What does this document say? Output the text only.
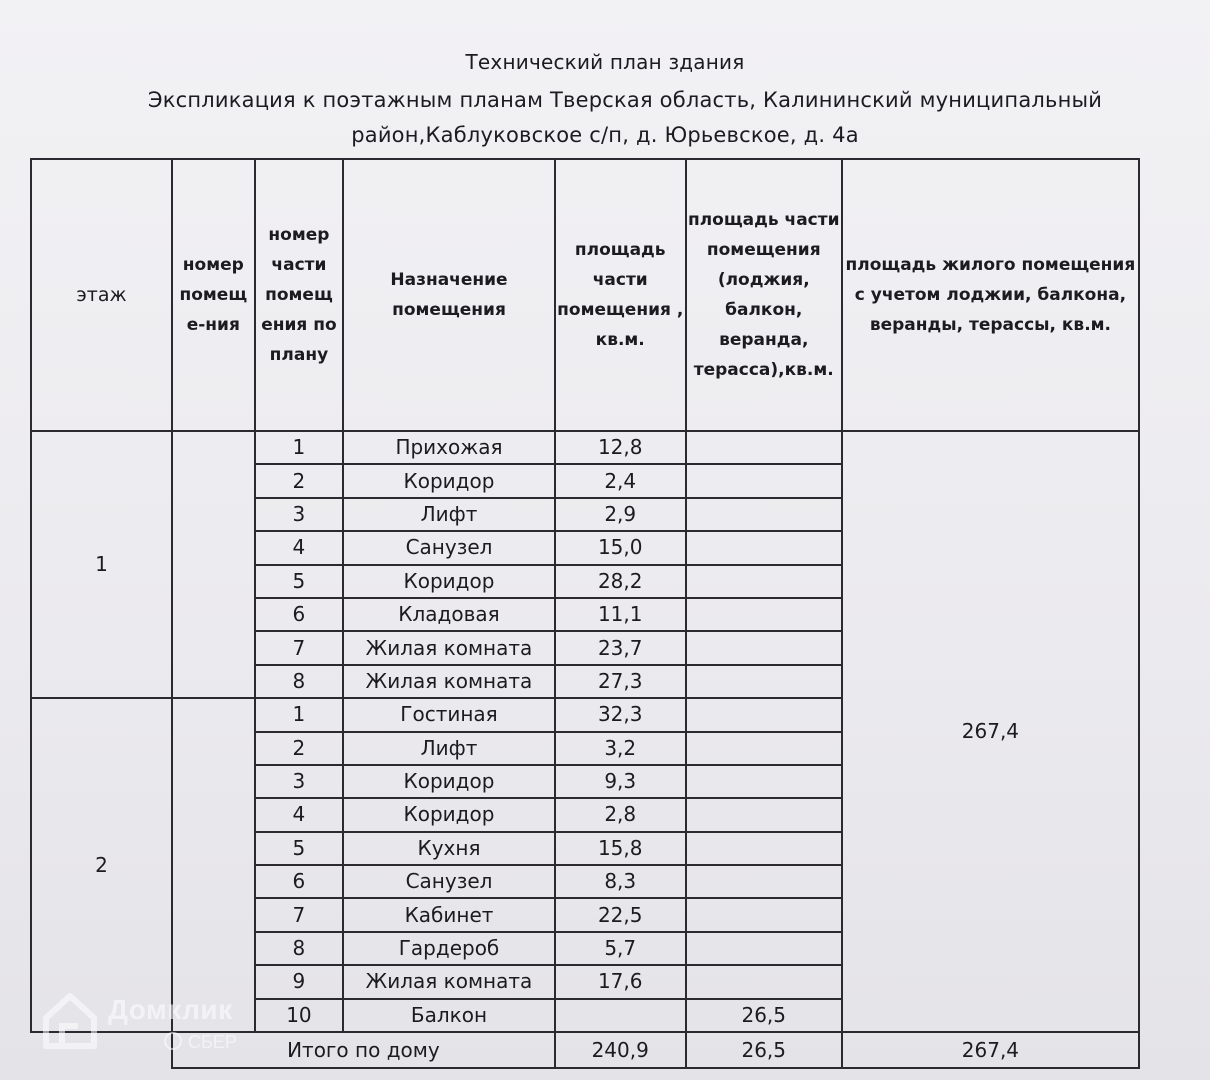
Технический план здания
Экспликация к поэтажным планам Тверская область, Калининский муниципальный
район,Каблуковское с/п, д. Юрьевское, д. 4а
этаж	номер помещ е-ния	номер части помещ ения по плану	Назначение помещения	площадь части помещения , кв.м.	площадь части помещения (лоджия, балкон, веранда, терасса),кв.м.	площадь жилого помещения с учетом лоджии, балкона, веранды, терассы, кв.м.
1		1	Прихожая	12,8		267,4
		2	Коридор	2,4		
		3	Лифт	2,9		
		4	Санузел	15,0		
		5	Коридор	28,2		
		6	Кладовая	11,1		
		7	Жилая комната	23,7		
		8	Жилая комната	27,3		
2		1	Гостиная	32,3		
		2	Лифт	3,2		
		3	Коридор	9,3		
		4	Коридор	2,8		
		5	Кухня	15,8		
		6	Санузел	8,3		
		7	Кабинет	22,5		
		8	Гардероб	5,7		
		9	Жилая комната	17,6		
		10	Балкон		26,5	
	Итого по дому			240,9	26,5	267,4
Домклик
СБЕР
